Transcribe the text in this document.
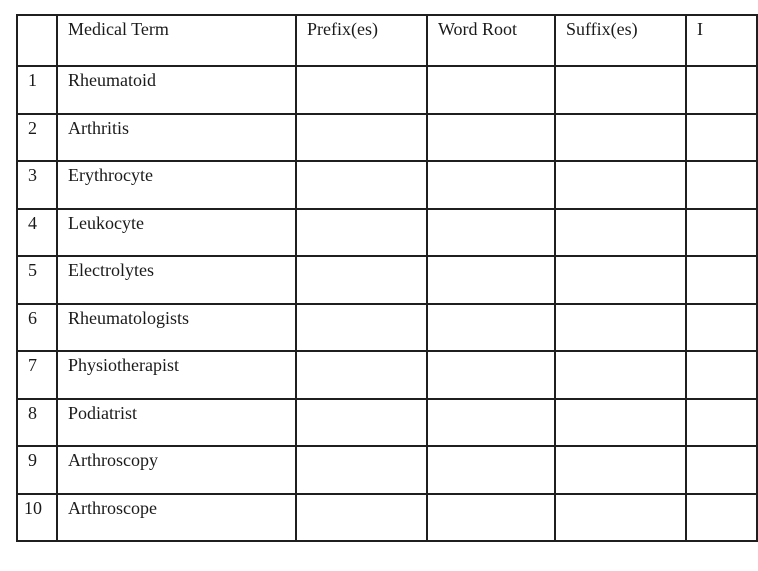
	Medical Term	Prefix(es)	Word Root	Suffix(es)	I
1	Rheumatoid				
2	Arthritis				
3	Erythrocyte				
4	Leukocyte				
5	Electrolytes				
6	Rheumatologists				
7	Physiotherapist				
8	Podiatrist				
9	Arthroscopy				
10	Arthroscope				
